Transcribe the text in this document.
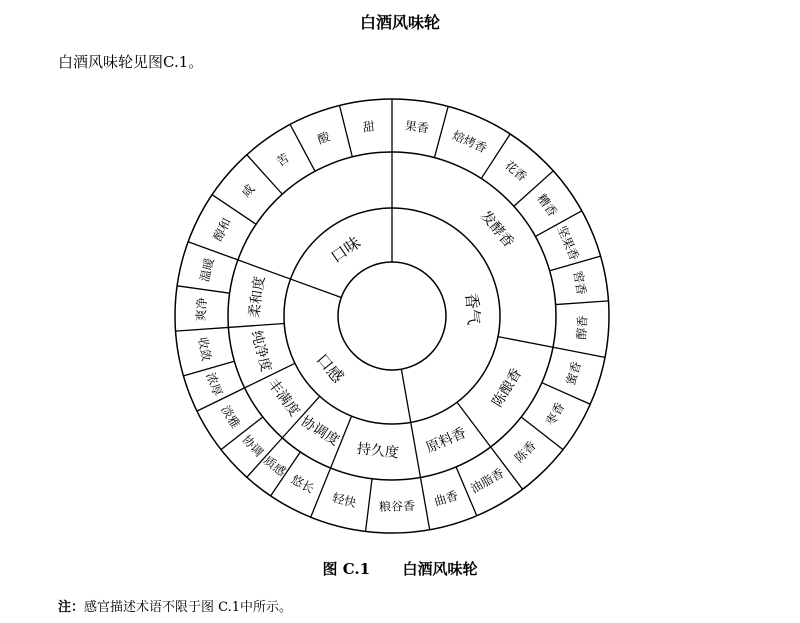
白酒风味轮
白酒风味轮见图C.1。
口味
香气
口感
发酵香
陈酿香
原料香
持久度
协调度
丰满度
纯净度
柔和度
果香
焙烤香
花香
糟香
坚果香
窖香
醇香
蜜香
枣香
陈香
油脂香
曲香
粮谷香
轻快
悠长
质感
协调
淡雅
浓厚
收敛
爽净
温暖
醇和
咸
苦
酸
甜
图 C.1 白酒风味轮
注：感官描述术语不限于图 C.1中所示。
